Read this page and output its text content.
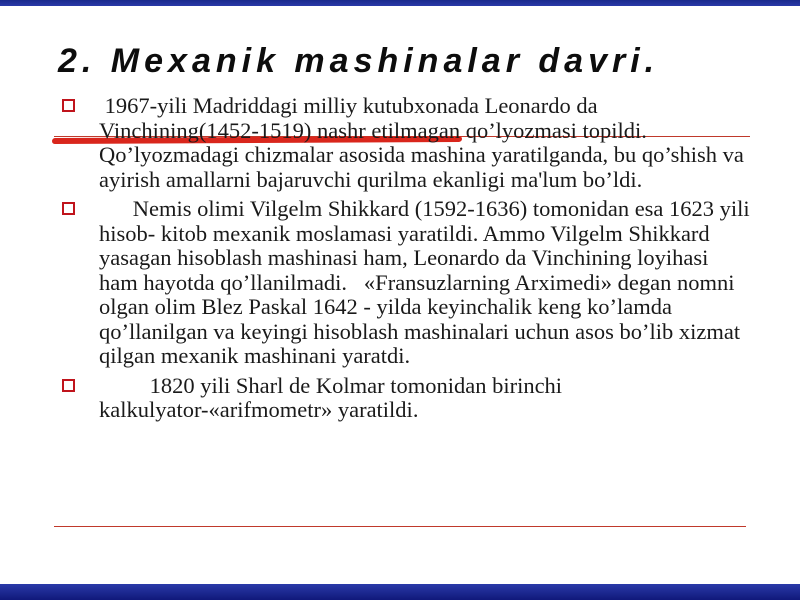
2. Mexanik mashinalar davri.
1967-yili Madriddagi milliy kutubxonada Leonardo da Vinchining(1452-1519) nashr etilmagan qo’lyozmasi topildi. Qo’lyozmadagi chizmalar asosida mashina yaratilganda, bu qo’shish va ayirish amallarni bajaruvchi qurilma ekanligi ma'lum bo’ldi.
Nemis olimi Vilgelm Shikkard (1592-1636) tomonidan esa 1623 yili hisob- kitob mexanik moslamasi yaratildi. Ammo Vilgelm Shikkard yasagan hisoblash mashinasi ham, Leonardo da Vinchining loyihasi ham hayotda qo’llanilmadi.   «Fransuzlarning Arximedi» degan nomni olgan olim Blez Paskal 1642 - yilda keyinchalik keng ko’lamda qo’llanilgan va keyingi hisoblash mashinalari uchun asos bo’lib xizmat qilgan mexanik mashinani yaratdi.
1820 yili Sharl de Kolmar tomonidan birinchi kalkulyator-«arifmometr» yaratildi.
